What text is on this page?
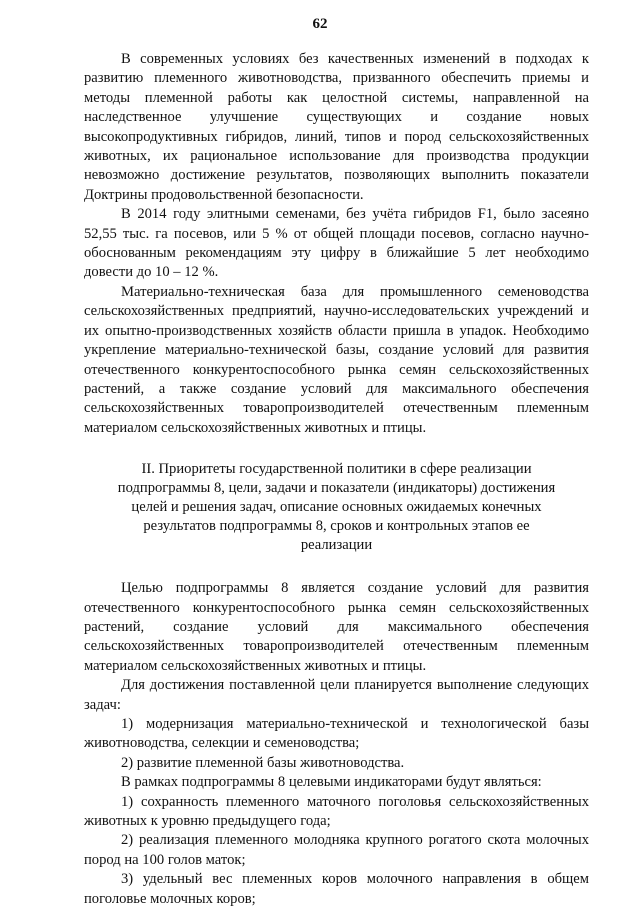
62

В современных условиях без качественных изменений в подходах к развитию племенного животноводства, призванного обеспечить приемы и методы племенной работы как целостной системы, направленной на наследственное улучшение существующих и создание новых высокопродуктивных гибридов, линий, типов и пород сельскохозяйственных животных, их рациональное использование для производства продукции невозможно достижение результатов, позволяющих выполнить показатели Доктрины продовольственной безопасности.

В 2014 году элитными семенами, без учёта гибридов F1, было засеяно 52,55 тыс. га посевов, или 5 % от общей площади посевов, согласно научно-обоснованным рекомендациям эту цифру в ближайшие 5 лет необходимо довести до 10 – 12 %.

Материально-техническая база для промышленного семеноводства сельскохозяйственных предприятий, научно-исследовательских учреждений и их опытно-производственных хозяйств области пришла в упадок. Необходимо укрепление материально-технической базы, создание условий для развития отечественного конкурентоспособного рынка семян сельскохозяйственных растений, а также создание условий для максимального обеспечения сельскохозяйственных товаропроизводителей отечественным племенным материалом сельскохозяйственных животных и птицы.

II. Приоритеты государственной политики в сфере реализации подпрограммы 8, цели, задачи и показатели (индикаторы) достижения целей и решения задач, описание основных ожидаемых конечных результатов подпрограммы 8, сроков и контрольных этапов ее реализации

Целью подпрограммы 8 является создание условий для развития отечественного конкурентоспособного рынка семян сельскохозяйственных растений, создание условий для максимального обеспечения сельскохозяйственных товаропроизводителей отечественным племенным материалом сельскохозяйственных животных и птицы.

Для достижения поставленной цели планируется выполнение следующих задач:

1) модернизация материально-технической и технологической базы животноводства, селекции и семеноводства;

2) развитие племенной базы животноводства.

В рамках подпрограммы 8 целевыми индикаторами будут являться:

1) сохранность племенного маточного поголовья сельскохозяйственных животных к уровню предыдущего года;

2) реализация племенного молодняка крупного рогатого скота молочных пород на 100 голов маток;

3) удельный вес племенных коров молочного направления в общем поголовье молочных коров;
